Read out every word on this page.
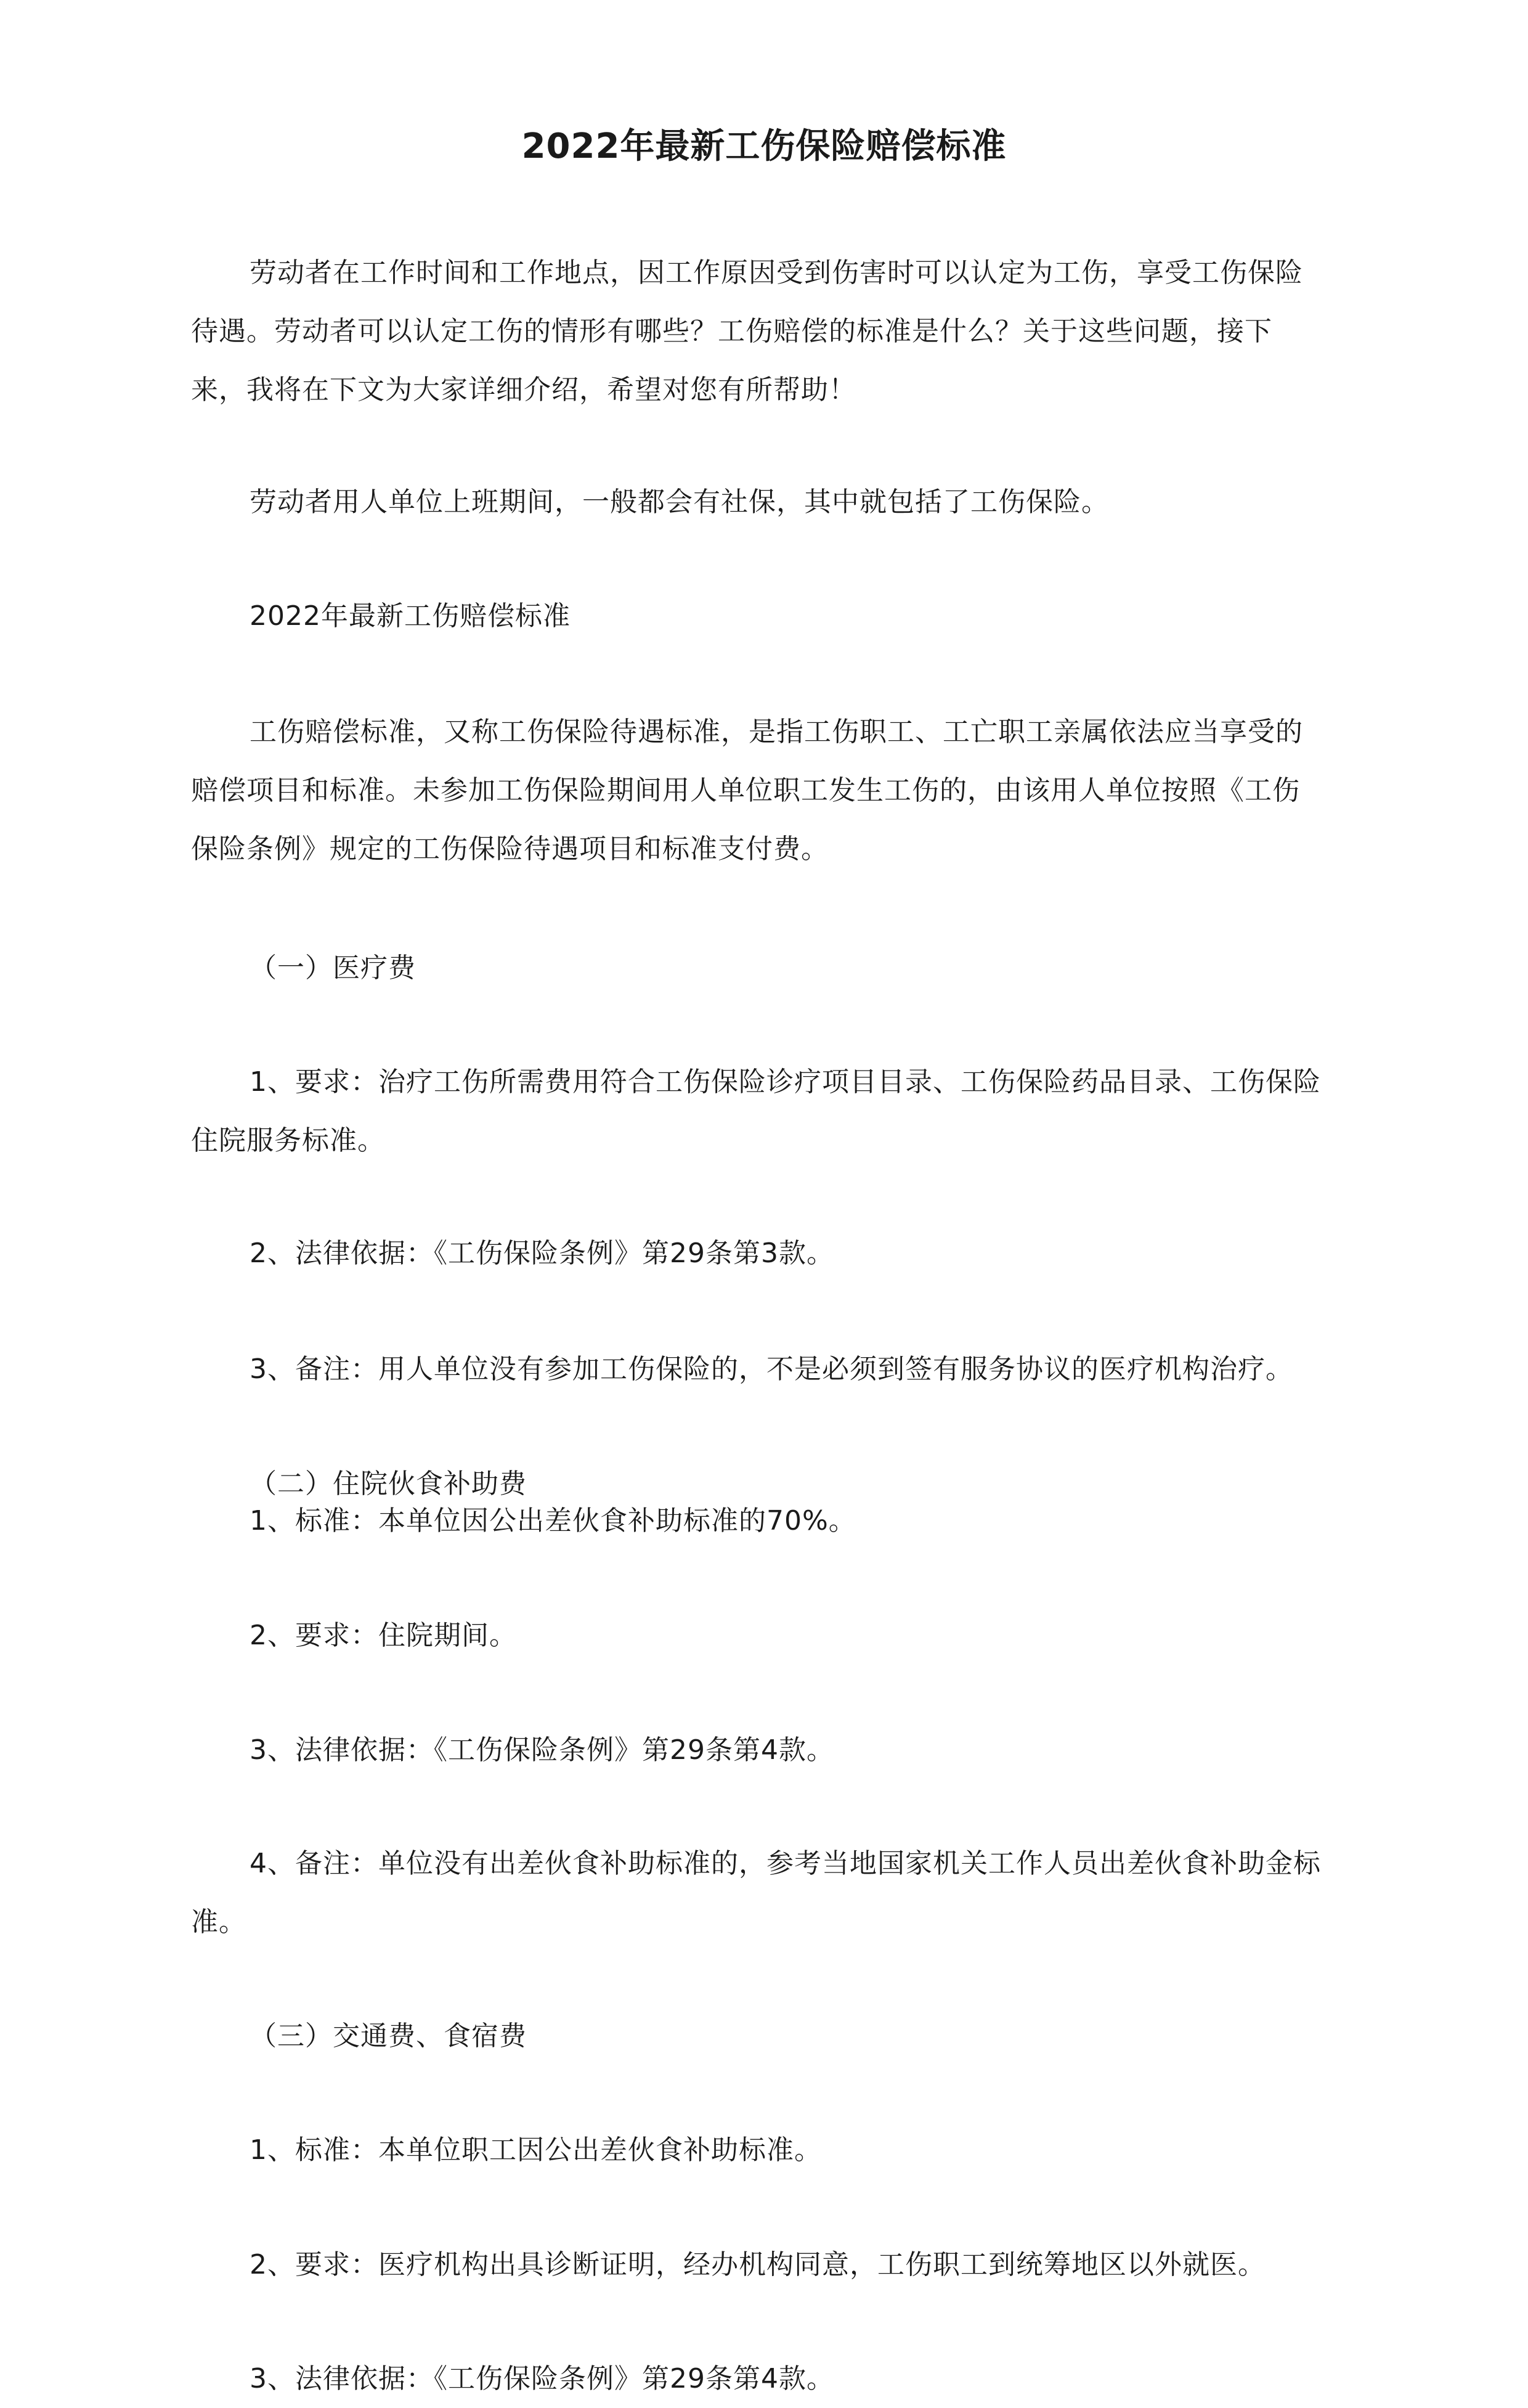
2022年最新工伤保险赔偿标准

劳动者在工作时间和工作地点，因工作原因受到伤害时可以认定为工伤，享受工伤保险待遇。劳动者可以认定工伤的情形有哪些？工伤赔偿的标准是什么？关于这些问题，接下来，我将在下文为大家详细介绍，希望对您有所帮助！

劳动者用人单位上班期间，一般都会有社保，其中就包括了工伤保险。

2022年最新工伤赔偿标准

工伤赔偿标准，又称工伤保险待遇标准，是指工伤职工、工亡职工亲属依法应当享受的赔偿项目和标准。未参加工伤保险期间用人单位职工发生工伤的，由该用人单位按照《工伤保险条例》规定的工伤保险待遇项目和标准支付费。

（一）医疗费

1、要求：治疗工伤所需费用符合工伤保险诊疗项目目录、工伤保险药品目录、工伤保险住院服务标准。

2、法律依据：《工伤保险条例》第29条第3款。

3、备注：用人单位没有参加工伤保险的，不是必须到签有服务协议的医疗机构治疗。

（二）住院伙食补助费

1、标准：本单位因公出差伙食补助标准的70%。

2、要求：住院期间。

3、法律依据：《工伤保险条例》第29条第4款。

4、备注：单位没有出差伙食补助标准的，参考当地国家机关工作人员出差伙食补助金标准。

（三）交通费、食宿费

1、标准：本单位职工因公出差伙食补助标准。

2、要求：医疗机构出具诊断证明，经办机构同意，工伤职工到统筹地区以外就医。

3、法律依据：《工伤保险条例》第29条第4款。
